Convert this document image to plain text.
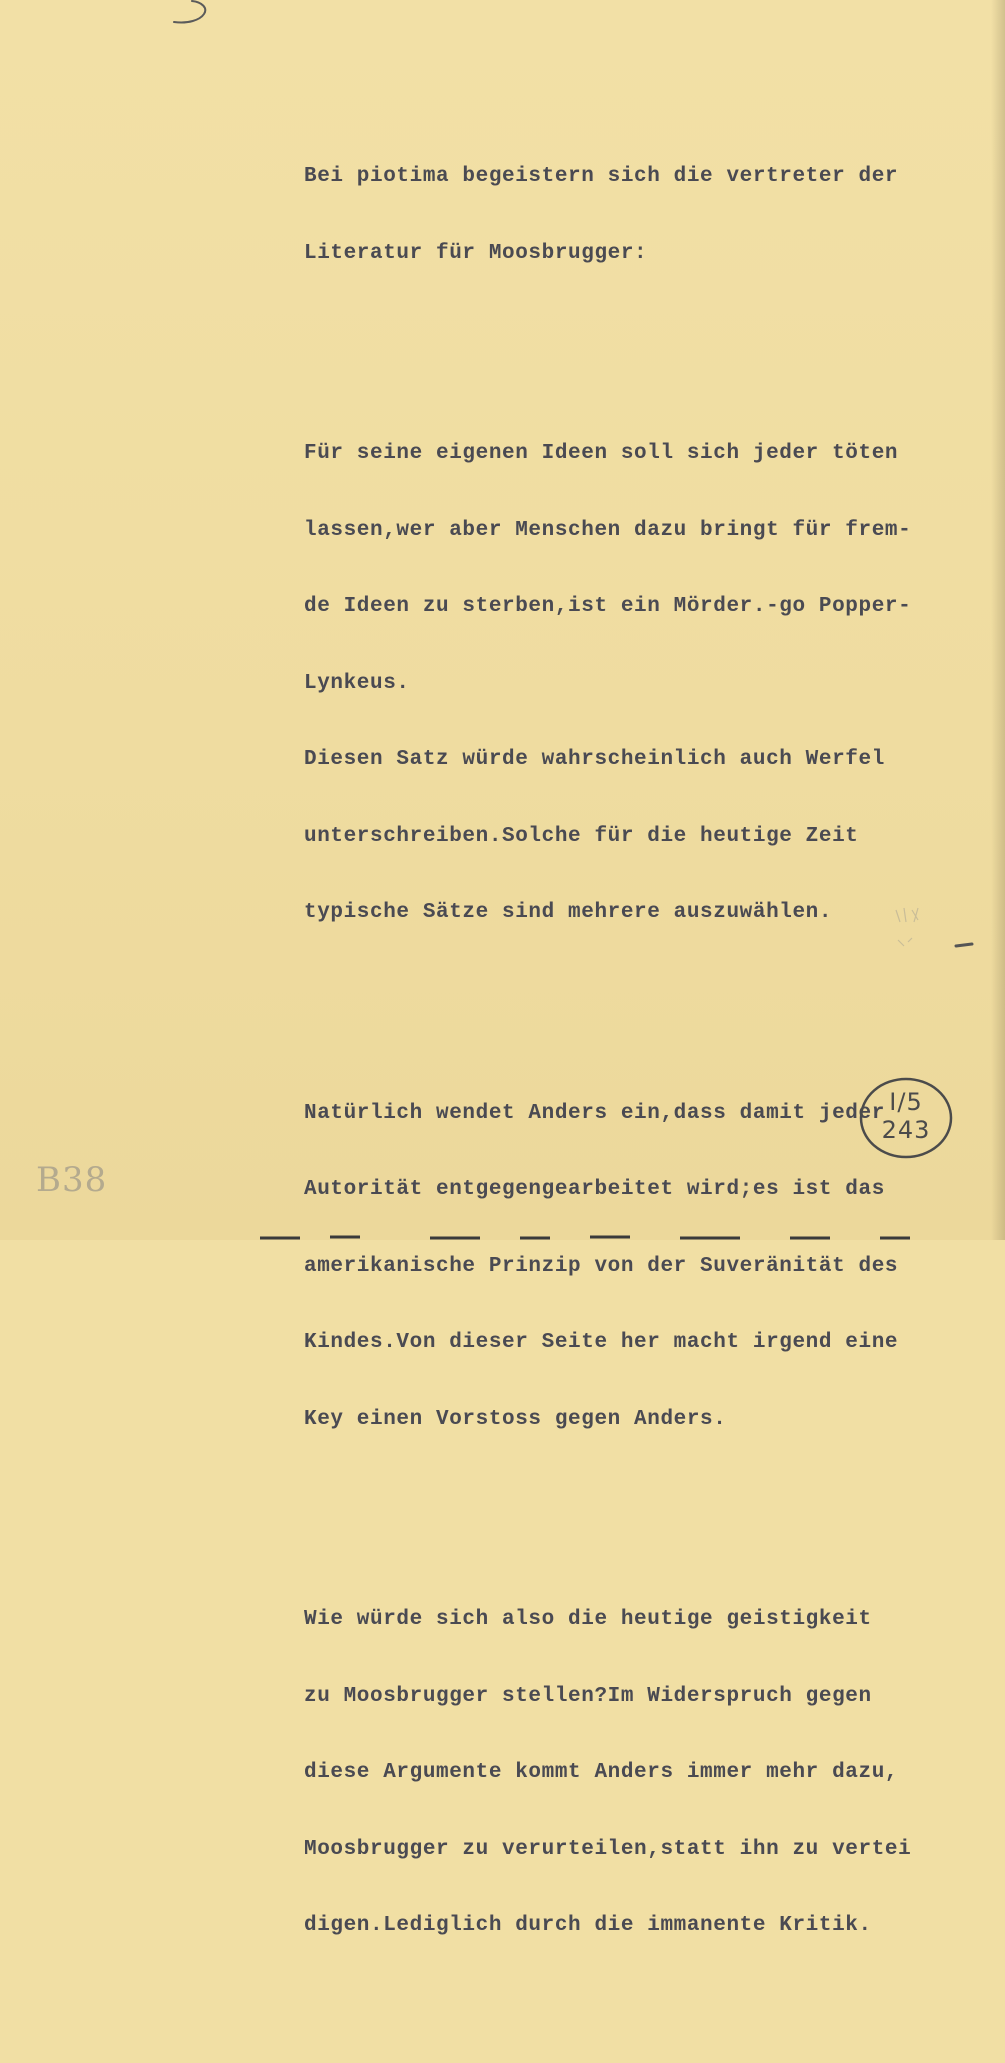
Bei piotima begeistern sich die vertreter der

Literatur für Moosbrugger:

Für seine eigenen Ideen soll sich jeder töten

lassen,wer aber Menschen dazu bringt für frem-

de Ideen zu sterben,ist ein Mörder.-go Popper-

Lynkeus.

Diesen Satz würde wahrscheinlich auch Werfel

unterschreiben.Solche für die heutige Zeit

typische Sätze sind mehrere auszuwählen.

Natürlich wendet Anders ein,dass damit jeder

Autorität entgegengearbeitet wird;es ist das

amerikanische Prinzip von der Suveränität des

Kindes.Von dieser Seite her macht irgend eine

Key einen Vorstoss gegen Anders.

Wie würde sich also die heutige geistigkeit

zu Moosbrugger stellen?Im Widerspruch gegen

diese Argumente kommt Anders immer mehr dazu,

Moosbrugger zu verurteilen,statt ihn zu vertei

digen.Lediglich durch die immanente Kritik.

I/5
243
B38
